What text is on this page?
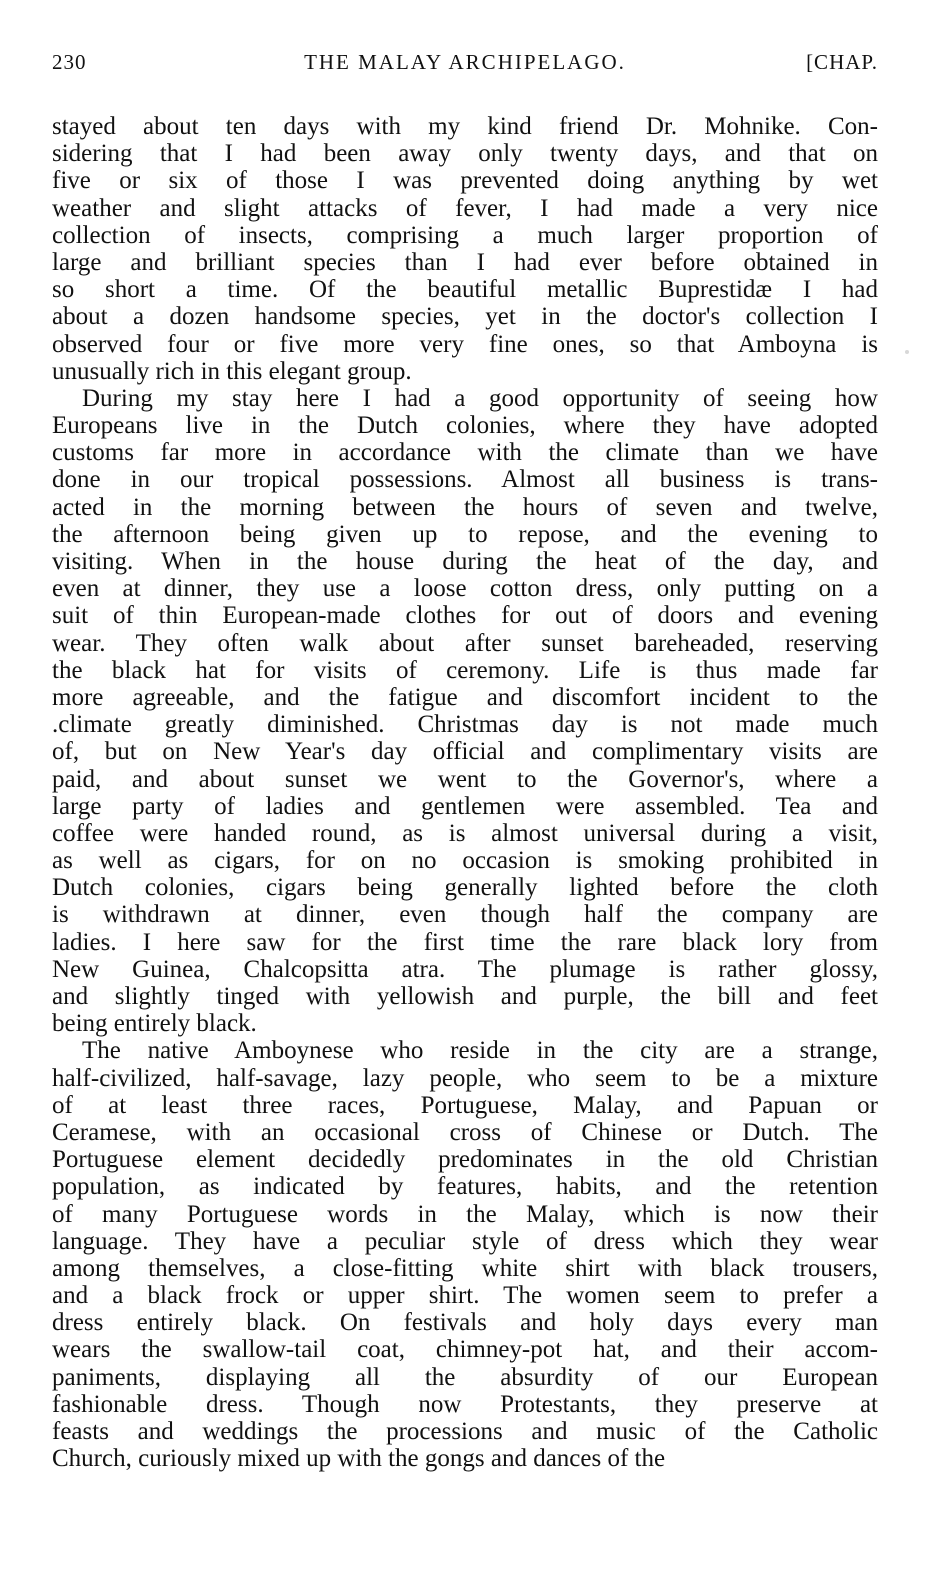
230	THE MALAY ARCHIPELAGO.	[CHAP.
stayed about ten days with my kind friend Dr. Mohnike. Con-
sidering that I had been away only twenty days, and that on
five or six of those I was prevented doing anything by wet
weather and slight attacks of fever, I had made a very nice
collection of insects, comprising a much larger proportion of
large and brilliant species than I had ever before obtained in
so short a time. Of the beautiful metallic Buprestidæ I had
about a dozen handsome species, yet in the doctor's collection I
observed four or five more very fine ones, so that Amboyna is
unusually rich in this elegant group.
During my stay here I had a good opportunity of seeing how
Europeans live in the Dutch colonies, where they have adopted
customs far more in accordance with the climate than we have
done in our tropical possessions. Almost all business is trans-
acted in the morning between the hours of seven and twelve,
the afternoon being given up to repose, and the evening to
visiting. When in the house during the heat of the day, and
even at dinner, they use a loose cotton dress, only putting on a
suit of thin European-made clothes for out of doors and evening
wear. They often walk about after sunset bareheaded, reserving
the black hat for visits of ceremony. Life is thus made far
more agreeable, and the fatigue and discomfort incident to the
.climate greatly diminished. Christmas day is not made much
of, but on New Year's day official and complimentary visits are
paid, and about sunset we went to the Governor's, where a
large party of ladies and gentlemen were assembled. Tea and
coffee were handed round, as is almost universal during a visit,
as well as cigars, for on no occasion is smoking prohibited in
Dutch colonies, cigars being generally lighted before the cloth
is withdrawn at dinner, even though half the company are
ladies. I here saw for the first time the rare black lory from
New Guinea, Chalcopsitta atra. The plumage is rather glossy,
and slightly tinged with yellowish and purple, the bill and feet
being entirely black.
The native Amboynese who reside in the city are a strange,
half-civilized, half-savage, lazy people, who seem to be a mixture
of at least three races, Portuguese, Malay, and Papuan or
Ceramese, with an occasional cross of Chinese or Dutch. The
Portuguese element decidedly predominates in the old Christian
population, as indicated by features, habits, and the retention
of many Portuguese words in the Malay, which is now their
language. They have a peculiar style of dress which they wear
among themselves, a close-fitting white shirt with black trousers,
and a black frock or upper shirt. The women seem to prefer a
dress entirely black. On festivals and holy days every man
wears the swallow-tail coat, chimney-pot hat, and their accom-
paniments, displaying all the absurdity of our European
fashionable dress. Though now Protestants, they preserve at
feasts and weddings the processions and music of the Catholic
Church, curiously mixed up with the gongs and dances of the
